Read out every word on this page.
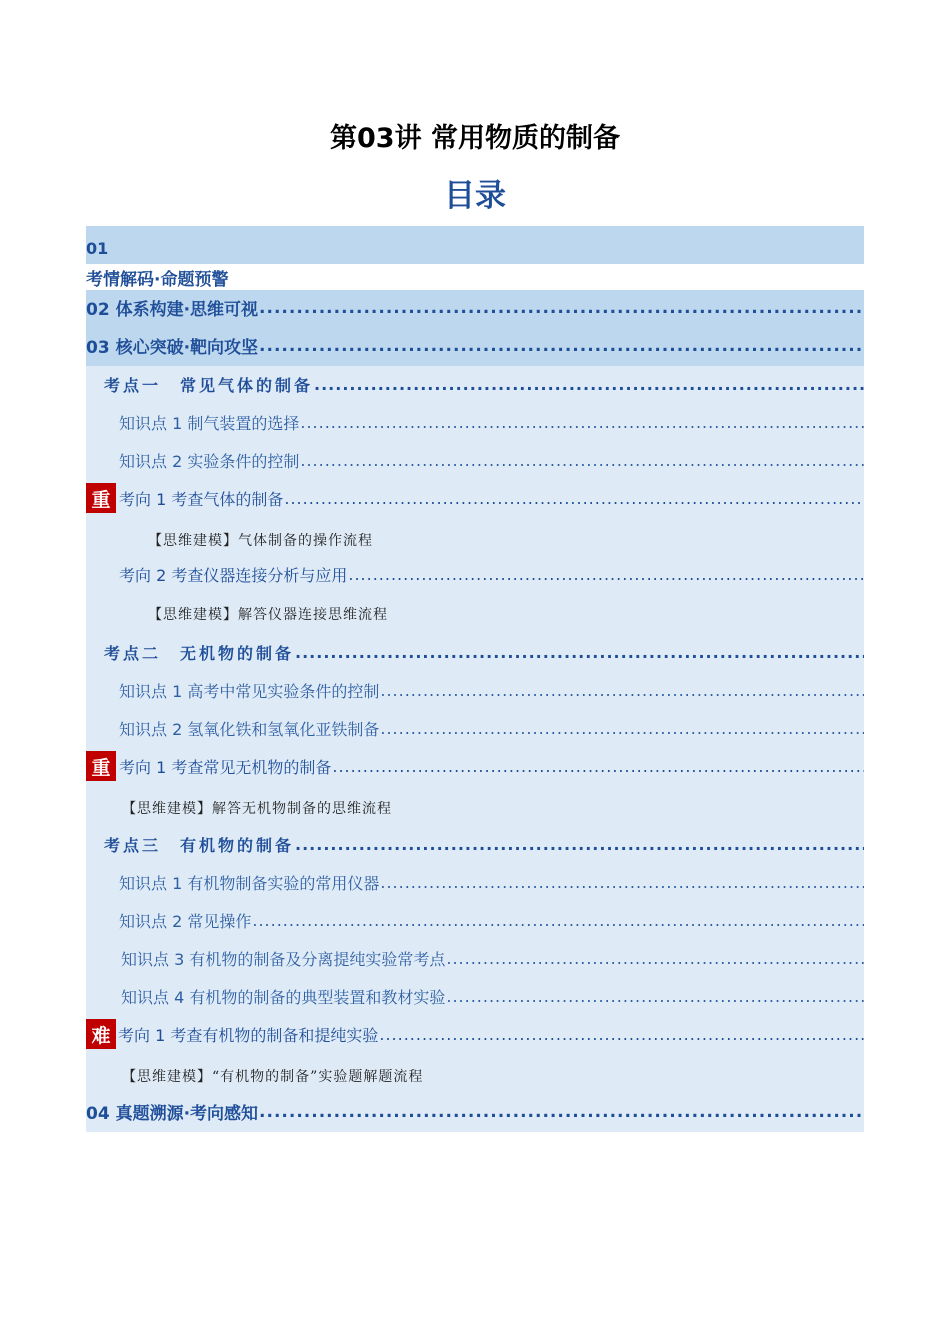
第03讲 常用物质的制备
目录
01
考情解码·命题预警
02 体系构建·思维可视
.....
03 核心突破·靶向攻坚
.....
考点一　常见气体的制备
.....
知识点 1 制气装置的选择
.....
知识点 2 实验条件的控制
.....
重 考向 1 考查气体的制备
.....
【思维建模】气体制备的操作流程
考向 2 考查仪器连接分析与应用
.....
【思维建模】解答仪器连接思维流程
考点二　无机物的制备
.....
知识点 1 高考中常见实验条件的控制
.....
知识点 2 氢氧化铁和氢氧化亚铁制备
.....
重 考向 1 考查常见无机物的制备
.....
【思维建模】解答无机物制备的思维流程
考点三　有机物的制备
.....
知识点 1 有机物制备实验的常用仪器
.....
知识点 2 常见操作
.....
知识点 3 有机物的制备及分离提纯实验常考点
.....
知识点 4 有机物的制备的典型装置和教材实验
.....
难 考向 1 考查有机物的制备和提纯实验
.....
【思维建模】“有机物的制备”实验题解题流程
04 真题溯源·考向感知
.....
